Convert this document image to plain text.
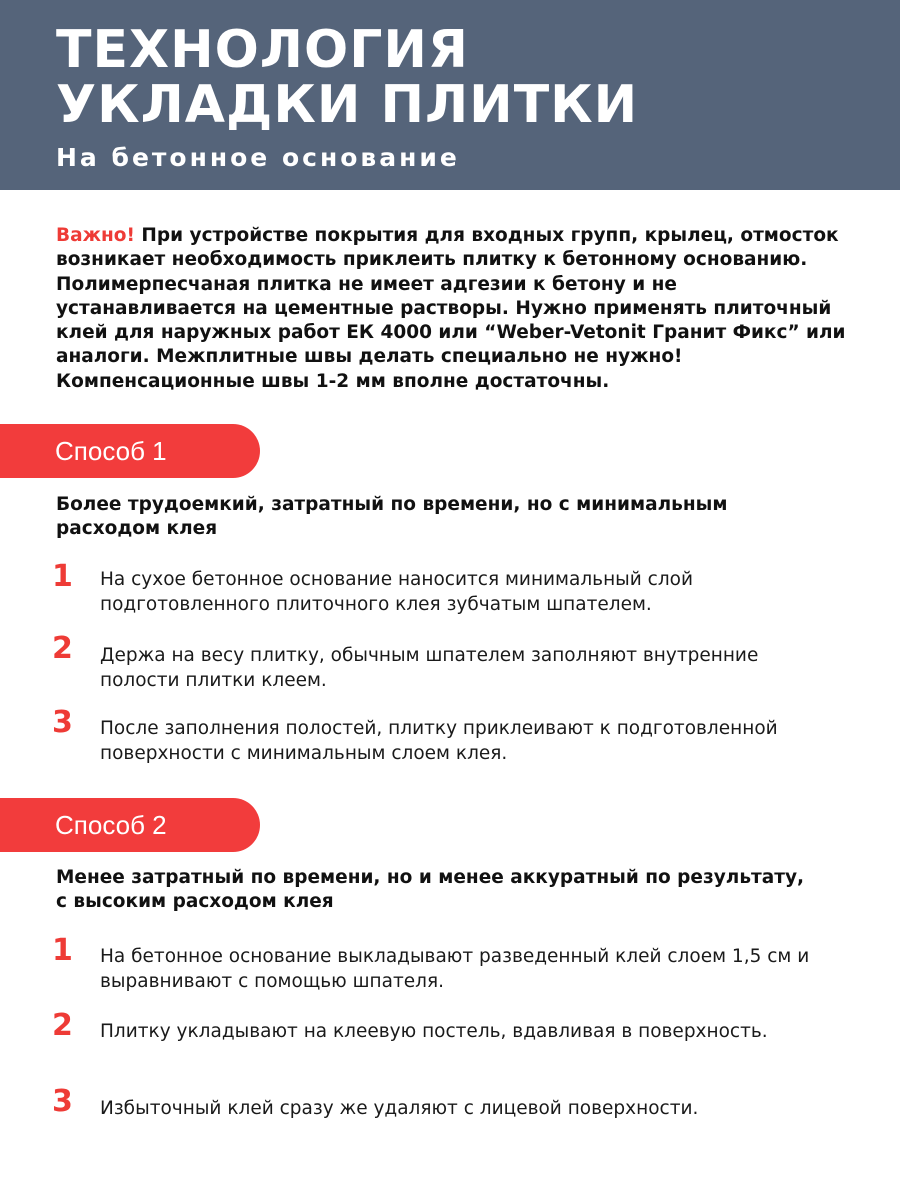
ТЕХНОЛОГИЯ
УКЛАДКИ ПЛИТКИ

На бетонное основание

Важно! При устройстве покрытия для входных групп, крылец, отмосток возникает необходимость приклеить плитку к бетонному основанию. Полимерпесчаная плитка не имеет адгезии к бетону и не устанавливается на цементные растворы. Нужно применять плиточный клей для наружных работ ЕК 4000 или “Weber-Vetonit Гранит Фикс” или аналоги. Межплитные швы делать специально не нужно! Компенсационные швы 1-2 мм вполне достаточны.

Способ 1

Более трудоемкий, затратный по времени, но с минимальным расходом клея

1	На сухое бетонное основание наносится минимальный слой подготовленного плиточного клея зубчатым шпателем.

2	Держа на весу плитку, обычным шпателем заполняют внутренние полости плитки клеем.

3	После заполнения полостей, плитку приклеивают к подготовленной поверхности с минимальным слоем клея.

Способ 2

Менее затратный по времени, но и менее аккуратный по результату, с высоким расходом клея

1	На бетонное основание выкладывают разведенный клей слоем 1,5 см и выравнивают с помощью шпателя.

2	Плитку укладывают на клеевую постель, вдавливая в поверхность.

3	Избыточный клей сразу же удаляют с лицевой поверхности.
